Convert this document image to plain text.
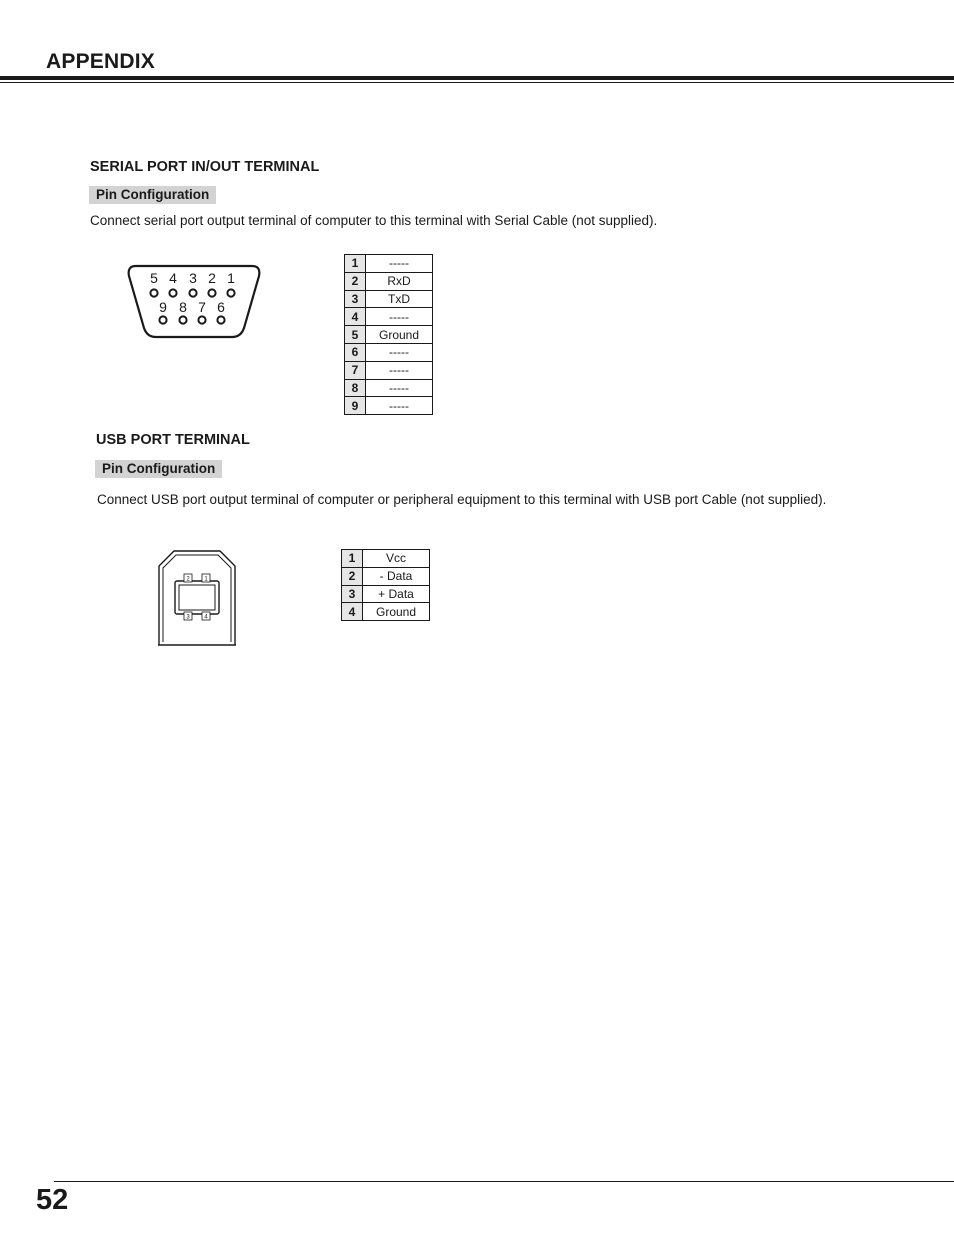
APPENDIX
SERIAL PORT IN/OUT TERMINAL
Pin Configuration
Connect serial port output terminal of computer to this terminal with Serial Cable (not supplied).
5 4 3 2 1
9 8 7 6
1	-----
2	RxD
3	TxD
4	-----
5	Ground
6	-----
7	-----
8	-----
9	-----
USB PORT TERMINAL
Pin Configuration
Connect USB port output terminal of computer or peripheral equipment to this terminal with USB port Cable (not supplied).
2 1
3 4
1	Vcc
2	- Data
3	+ Data
4	Ground
52
